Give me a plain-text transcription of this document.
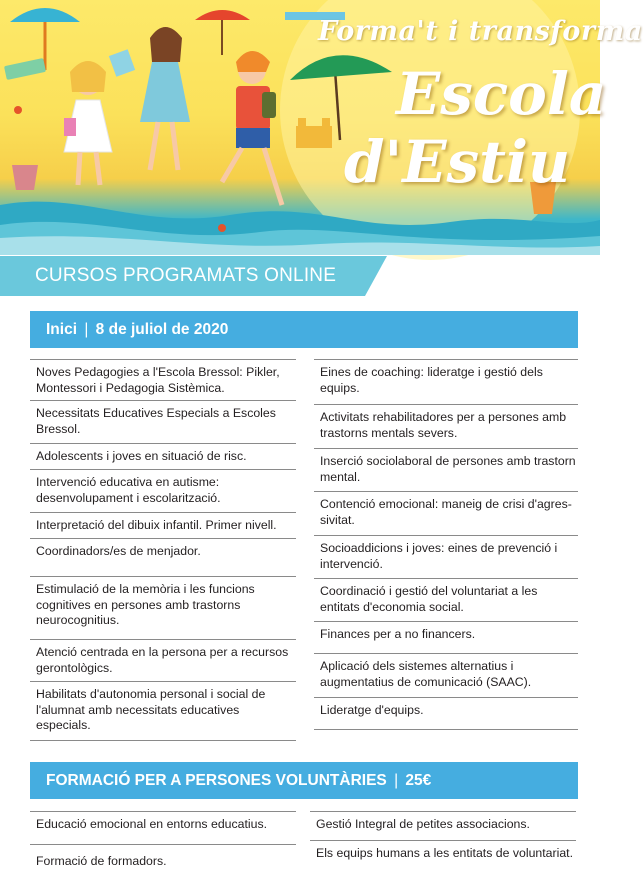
Forma't i transforma
Escola
d'Estiu
CURSOS PROGRAMATS ONLINE
Inici | 8 de juliol de 2020
Noves Pedagogies a l'Escola Bressol: Pikler, Montessori i Pedagogia Sistèmica.
Necessitats Educatives Especials a Escoles Bressol.
Adolescents i joves en situació de risc.
Intervenció educativa en autisme: desenvolupament i escolarització.
Interpretació del dibuix infantil. Primer nivell.
Coordinadors/es de menjador.
Estimulació de la memòria i les funcions cognitives en persones amb trastorns neurocognitius.
Atenció centrada en la persona per a recursos gerontològics.
Habilitats d'autonomia personal i social de l'alumnat amb necessitats educatives especials.
Eines de coaching: lideratge i gestió dels equips.
Activitats rehabilitadores per a persones amb trastorns mentals severs.
Inserció sociolaboral de persones amb trastorn mental.
Contenció emocional: maneig de crisi d'agres-sivitat.
Socioaddicions i joves: eines de prevenció i intervenció.
Coordinació i gestió del voluntariat a les entitats d'economia social.
Finances per a no financers.
Aplicació dels sistemes alternatius i augmentatius de comunicació (SAAC).
Lideratge d'equips.
FORMACIÓ PER A PERSONES VOLUNTÀRIES | 25€
Educació emocional en entorns educatius.
Formació de formadors.
Gestió Integral de petites associacions.
Els equips humans a les entitats de voluntariat.
